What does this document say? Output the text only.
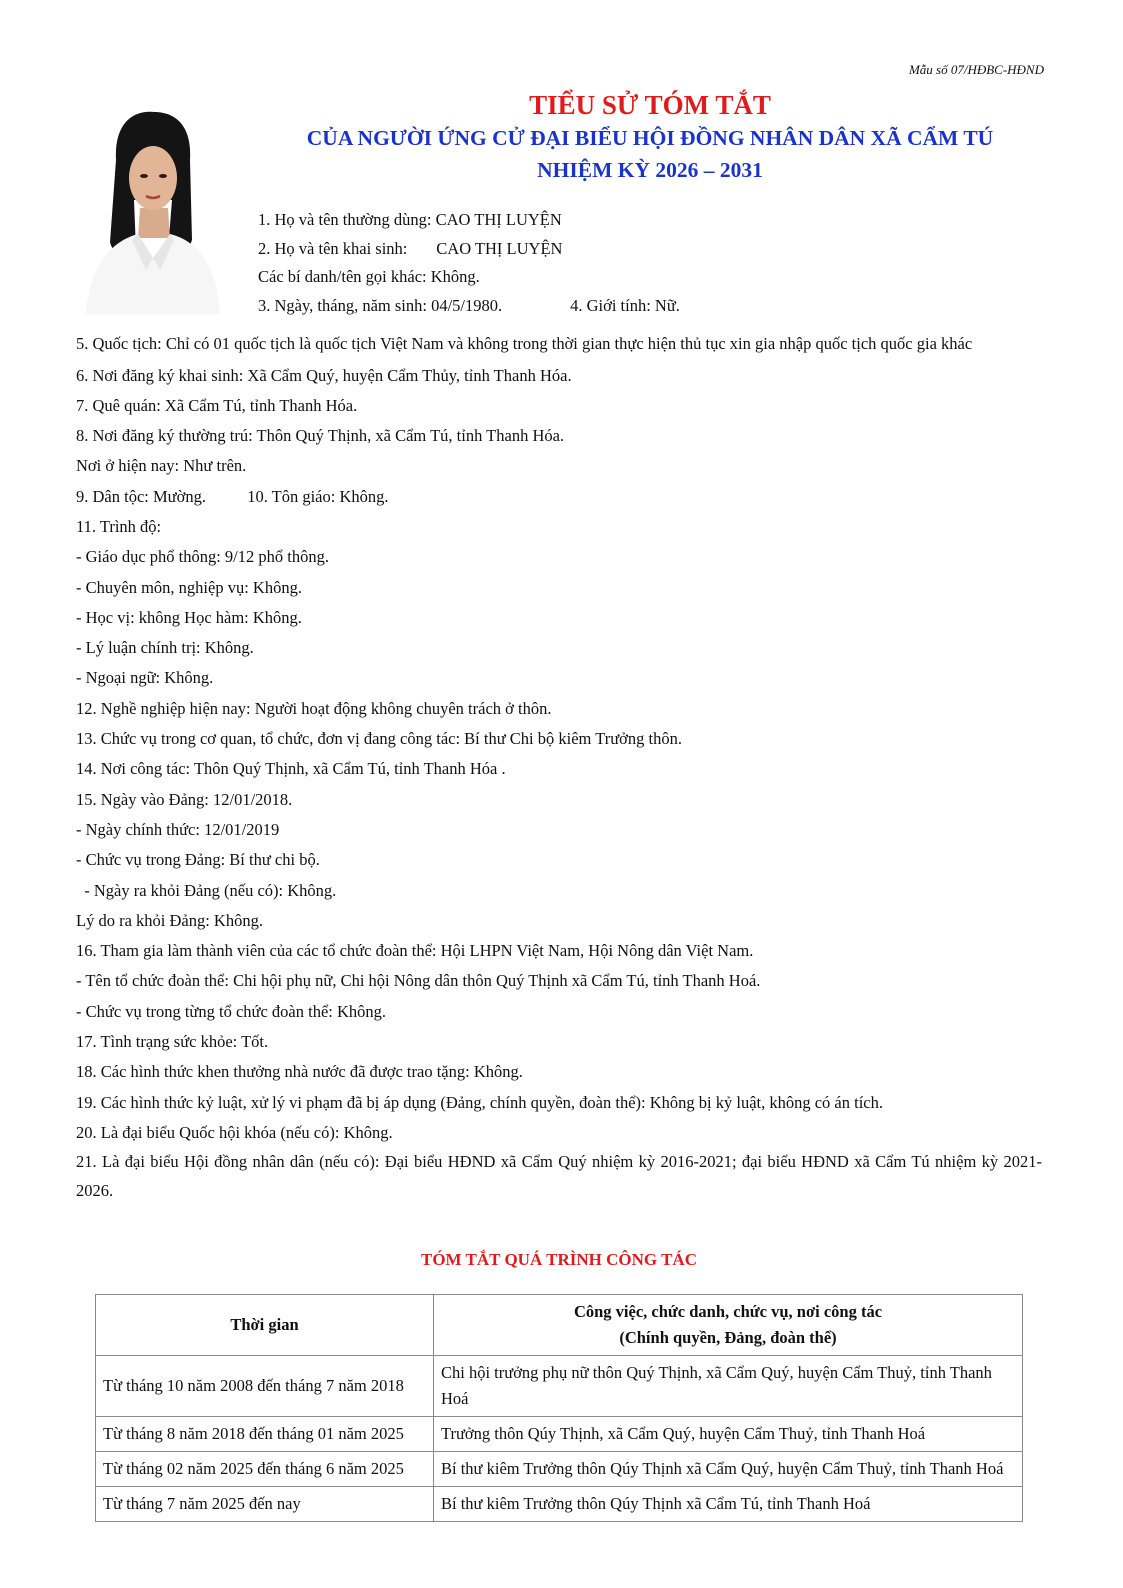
Mẫu số 07/HĐBC-HĐND
TIỂU SỬ TÓM TẮT
CỦA NGƯỜI ỨNG CỬ ĐẠI BIỂU HỘI ĐỒNG NHÂN DÂN XÃ CẨM TÚ
NHIỆM KỲ 2026 – 2031
1. Họ và tên thường dùng: CAO THỊ LUYỆN
2. Họ và tên khai sinh:       CAO THỊ LUYỆN
Các bí danh/tên gọi khác: Không.
3. Ngày, tháng, năm sinh: 04/5/1980.	4. Giới tính: Nữ.
5. Quốc tịch: Chỉ có 01 quốc tịch là quốc tịch Việt Nam và không trong thời gian thực hiện thủ tục xin gia nhập quốc tịch quốc gia khác
6. Nơi đăng ký khai sinh: Xã Cẩm Quý, huyện Cẩm Thủy, tỉnh Thanh Hóa.
7. Quê quán: Xã Cẩm Tú, tỉnh Thanh Hóa.
8. Nơi đăng ký thường trú: Thôn Quý Thịnh, xã Cẩm Tú, tỉnh Thanh Hóa.
Nơi ở hiện nay: Như trên.
9. Dân tộc: Mường.          10. Tôn giáo: Không.
11. Trình độ:
- Giáo dục phổ thông: 9/12 phổ thông.
- Chuyên môn, nghiệp vụ: Không.
- Học vị: không Học hàm: Không.
- Lý luận chính trị: Không.
- Ngoại ngữ: Không.
12. Nghề nghiệp hiện nay: Người hoạt động không chuyên trách ở thôn.
13. Chức vụ trong cơ quan, tổ chức, đơn vị đang công tác: Bí thư Chi bộ kiêm Trưởng thôn.
14. Nơi công tác: Thôn Quý Thịnh, xã Cẩm Tú, tỉnh Thanh Hóa .
15. Ngày vào Đảng: 12/01/2018.
- Ngày chính thức: 12/01/2019
- Chức vụ trong Đảng: Bí thư chi bộ.
- Ngày ra khỏi Đảng (nếu có): Không.
Lý do ra khỏi Đảng: Không.
16. Tham gia làm thành viên của các tổ chức đoàn thể: Hội LHPN Việt Nam, Hội Nông dân Việt Nam.
- Tên tổ chức đoàn thể: Chi hội phụ nữ, Chi hội Nông dân thôn Quý Thịnh xã Cẩm Tú, tỉnh Thanh Hoá.
- Chức vụ trong từng tổ chức đoàn thể: Không.
17. Tình trạng sức khỏe: Tốt.
18. Các hình thức khen thưởng nhà nước đã được trao tặng: Không.
19. Các hình thức kỷ luật, xử lý vi phạm đã bị áp dụng (Đảng, chính quyền, đoàn thể): Không bị kỷ luật, không có án tích.
20. Là đại biểu Quốc hội khóa (nếu có): Không.
21. Là đại biểu Hội đồng nhân dân (nếu có): Đại biểu HĐND xã Cẩm Quý nhiệm kỳ 2016-2021; đại biểu HĐND xã Cẩm Tú nhiệm kỳ 2021-2026.
TÓM TẮT QUÁ TRÌNH CÔNG TÁC
Thời gian	Công việc, chức danh, chức vụ, nơi công tác
(Chính quyền, Đảng, đoàn thể)

Từ tháng 10 năm 2008 đến tháng 7 năm 2018	Chi hội trưởng phụ nữ thôn Quý Thịnh, xã Cẩm Quý, huyện Cẩm Thuỷ, tỉnh Thanh Hoá
Từ tháng 8 năm 2018 đến tháng 01 năm 2025	Trưởng thôn Qúy Thịnh, xã Cẩm Quý, huyện Cẩm Thuỷ, tỉnh Thanh Hoá
Từ tháng 02 năm 2025 đến tháng 6 năm 2025	Bí thư kiêm Trưởng thôn Qúy Thịnh xã Cẩm Quý, huyện Cẩm Thuỷ, tỉnh Thanh Hoá
Từ tháng 7 năm 2025 đến nay	Bí thư kiêm Trưởng thôn Qúy Thịnh xã Cẩm Tú, tỉnh Thanh Hoá
